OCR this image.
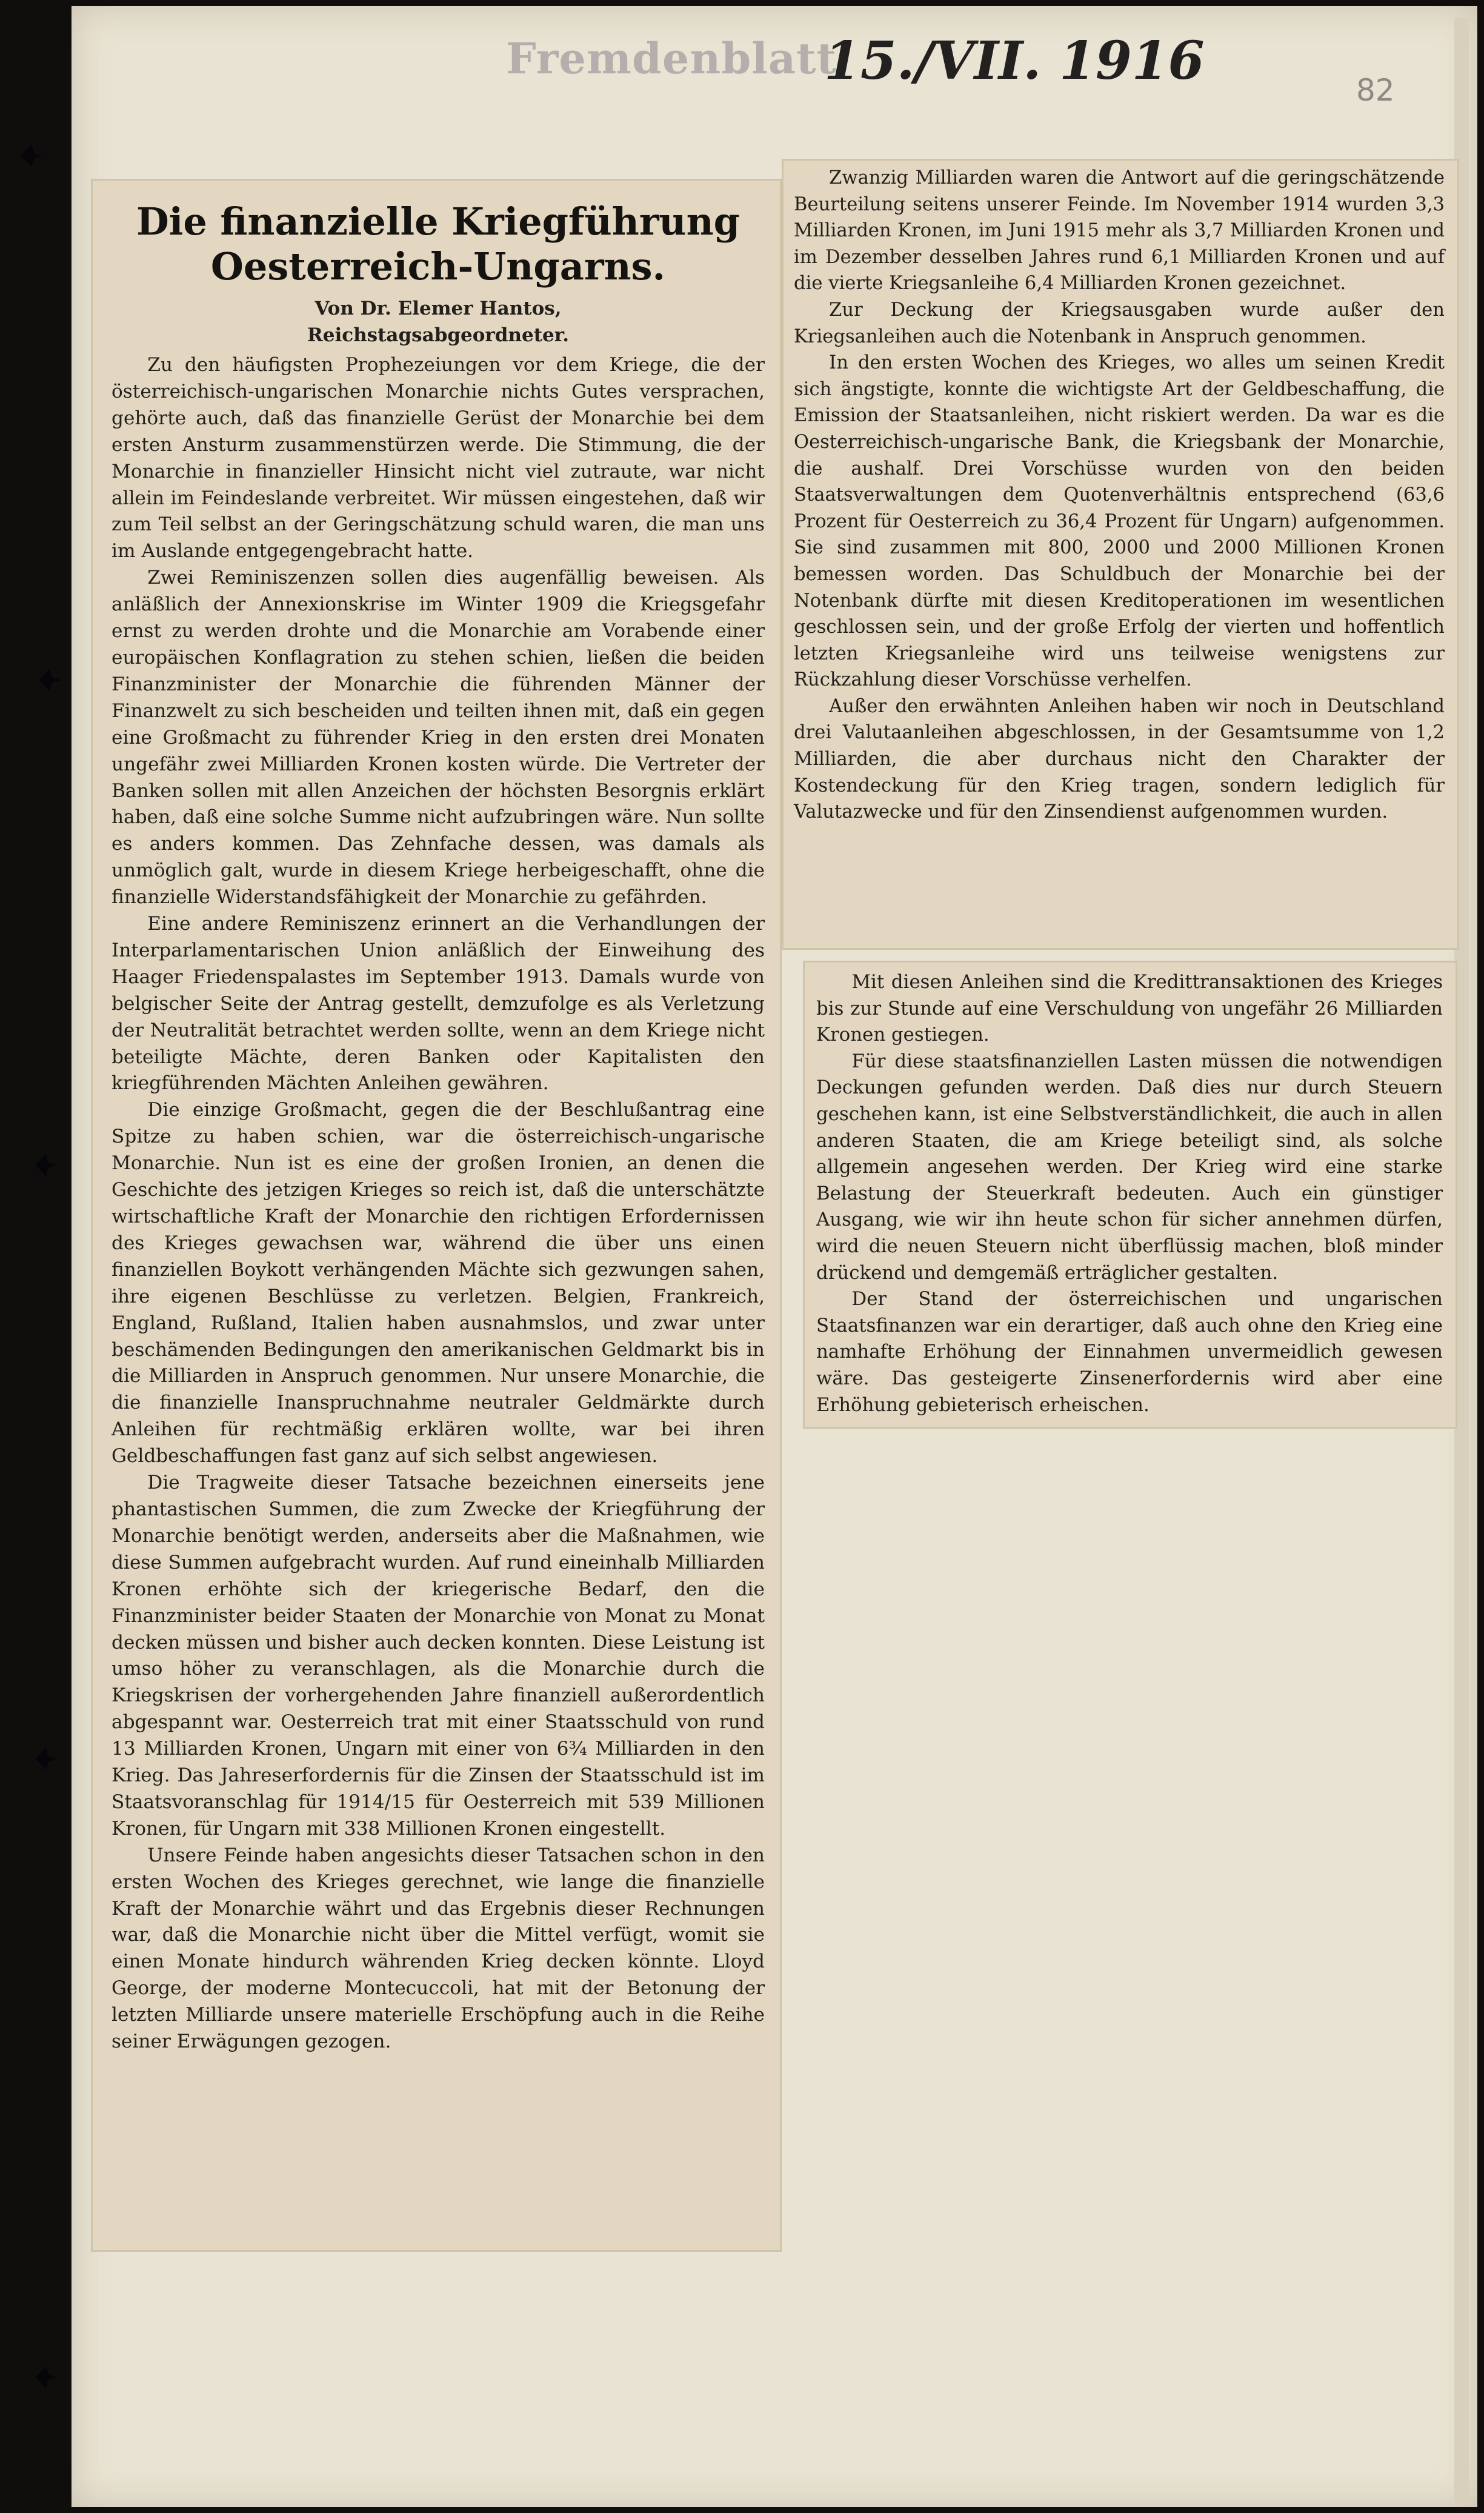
Fremdenblatt
15./VII. 1916	82
Die finanzielle Kriegführung Oesterreich-Ungarns.
Von Dr. Elemer Hantos,
Reichstagsabgeordneter.

Zu den häufigsten Prophezeiungen vor dem Kriege, die der österreichisch-ungarischen Monarchie nichts Gutes versprachen, gehörte auch, daß das finanzielle Gerüst der Monarchie bei dem ersten Ansturm zusammenstürzen werde. Die Stimmung, die der Monarchie in finanzieller Hinsicht nicht viel zutraute, war nicht allein im Feindeslande verbreitet. Wir müssen eingestehen, daß wir zum Teil selbst an der Geringschätzung schuld waren, die man uns im Auslande entgegengebracht hatte.

Zwei Reminiszenzen sollen dies augenfällig beweisen. Als anläßlich der Annexionskrise im Winter 1909 die Kriegsgefahr ernst zu werden drohte und die Monarchie am Vorabende einer europäischen Konflagration zu stehen schien, ließen die beiden Finanzminister der Monarchie die führenden Männer der Finanzwelt zu sich bescheiden und teilten ihnen mit, daß ein gegen eine Großmacht zu führender Krieg in den ersten drei Monaten ungefähr zwei Milliarden Kronen kosten würde. Die Vertreter der Banken sollen mit allen Anzeichen der höchsten Besorgnis erklärt haben, daß eine solche Summe nicht aufzubringen wäre. Nun sollte es anders kommen. Das Zehnfache dessen, was damals als unmöglich galt, wurde in diesem Kriege herbeigeschafft, ohne die finanzielle Widerstandsfähigkeit der Monarchie zu gefährden.

Eine andere Reminiszenz erinnert an die Verhandlungen der Interparlamentarischen Union anläßlich der Einweihung des Haager Friedenspalastes im September 1913. Damals wurde von belgischer Seite der Antrag gestellt, demzufolge es als Verletzung der Neutralität betrachtet werden sollte, wenn an dem Kriege nicht beteiligte Mächte, deren Banken oder Kapitalisten den kriegführenden Mächten Anleihen gewähren.

Die einzige Großmacht, gegen die der Beschlußantrag eine Spitze zu haben schien, war die österreichisch-ungarische Monarchie. Nun ist es eine der großen Ironien, an denen die Geschichte des jetzigen Krieges so reich ist, daß die unterschätzte wirtschaftliche Kraft der Monarchie den richtigen Erfordernissen des Krieges gewachsen war, während die über uns einen finanziellen Boykott verhängenden Mächte sich gezwungen sahen, ihre eigenen Beschlüsse zu verletzen. Belgien, Frankreich, England, Rußland, Italien haben ausnahmslos, und zwar unter beschämenden Bedingungen den amerikanischen Geldmarkt bis in die Milliarden in Anspruch genommen. Nur unsere Monarchie, die die finanzielle Inanspruchnahme neutraler Geldmärkte durch Anleihen für rechtmäßig erklären wollte, war bei ihren Geldbeschaffungen fast ganz auf sich selbst angewiesen.

Die Tragweite dieser Tatsache bezeichnen einerseits jene phantastischen Summen, die zum Zwecke der Kriegführung der Monarchie benötigt werden, anderseits aber die Maßnahmen, wie diese Summen aufgebracht wurden. Auf rund eineinhalb Milliarden Kronen erhöhte sich der kriegerische Bedarf, den die Finanzminister beider Staaten der Monarchie von Monat zu Monat decken müssen und bisher auch decken konnten. Diese Leistung ist umso höher zu veranschlagen, als die Monarchie durch die Kriegskrisen der vorhergehenden Jahre finanziell außerordentlich abgespannt war. Oesterreich trat mit einer Staatsschuld von rund 13 Milliarden Kronen, Ungarn mit einer von 6¾ Milliarden in den Krieg. Das Jahreserfordernis für die Zinsen der Staatsschuld ist im Staatsvoranschlag für 1914/15 für Oesterreich mit 539 Millionen Kronen, für Ungarn mit 338 Millionen Kronen eingestellt.

Unsere Feinde haben angesichts dieser Tatsachen schon in den ersten Wochen des Krieges gerechnet, wie lange die finanzielle Kraft der Monarchie währt und das Ergebnis dieser Rechnungen war, daß die Monarchie nicht über die Mittel verfügt, womit sie einen Monate hindurch währenden Krieg decken könnte. Lloyd George, der moderne Montecuccoli, hat mit der Betonung der letzten Milliarde unsere materielle Erschöpfung auch in die Reihe seiner Erwägungen gezogen.

Zwanzig Milliarden waren die Antwort auf die geringschätzende Beurteilung seitens unserer Feinde. Im November 1914 wurden 3,3 Milliarden Kronen, im Juni 1915 mehr als 3,7 Milliarden Kronen und im Dezember desselben Jahres rund 6,1 Milliarden Kronen und auf die vierte Kriegsanleihe 6,4 Milliarden Kronen gezeichnet.

Zur Deckung der Kriegsausgaben wurde außer den Kriegsanleihen auch die Notenbank in Anspruch genommen.

In den ersten Wochen des Krieges, wo alles um seinen Kredit sich ängstigte, konnte die wichtigste Art der Geldbeschaffung, die Emission der Staatsanleihen, nicht riskiert werden. Da war es die Oesterreichisch-ungarische Bank, die Kriegsbank der Monarchie, die aushalf. Drei Vorschüsse wurden von den beiden Staatsverwaltungen dem Quotenverhältnis entsprechend (63,6 Prozent für Oesterreich zu 36,4 Prozent für Ungarn) aufgenommen. Sie sind zusammen mit 800, 2000 und 2000 Millionen Kronen bemessen worden. Das Schuldbuch der Monarchie bei der Notenbank dürfte mit diesen Kreditoperationen im wesentlichen geschlossen sein, und der große Erfolg der vierten und hoffentlich letzten Kriegsanleihe wird uns teilweise wenigstens zur Rückzahlung dieser Vorschüsse verhelfen.

Außer den erwähnten Anleihen haben wir noch in Deutschland drei Valutaanleihen abgeschlossen, in der Gesamtsumme von 1,2 Milliarden, die aber durchaus nicht den Charakter der Kostendeckung für den Krieg tragen, sondern lediglich für Valutazwecke und für den Zinsendienst aufgenommen wurden.

Mit diesen Anleihen sind die Kredittransaktionen des Krieges bis zur Stunde auf eine Verschuldung von ungefähr 26 Milliarden Kronen gestiegen.

Für diese staatsfinanziellen Lasten müssen die notwendigen Deckungen gefunden werden. Daß dies nur durch Steuern geschehen kann, ist eine Selbstverständlichkeit, die auch in allen anderen Staaten, die am Kriege beteiligt sind, als solche allgemein angesehen werden. Der Krieg wird eine starke Belastung der Steuerkraft bedeuten. Auch ein günstiger Ausgang, wie wir ihn heute schon für sicher annehmen dürfen, wird die neuen Steuern nicht überflüssig machen, bloß minder drückend und demgemäß erträglicher gestalten.

Der Stand der österreichischen und ungarischen Staatsfinanzen war ein derartiger, daß auch ohne den Krieg eine namhafte Erhöhung der Einnahmen unvermeidlich gewesen wäre. Das gesteigerte Zinsenerfordernis wird aber eine Erhöhung gebieterisch erheischen.
